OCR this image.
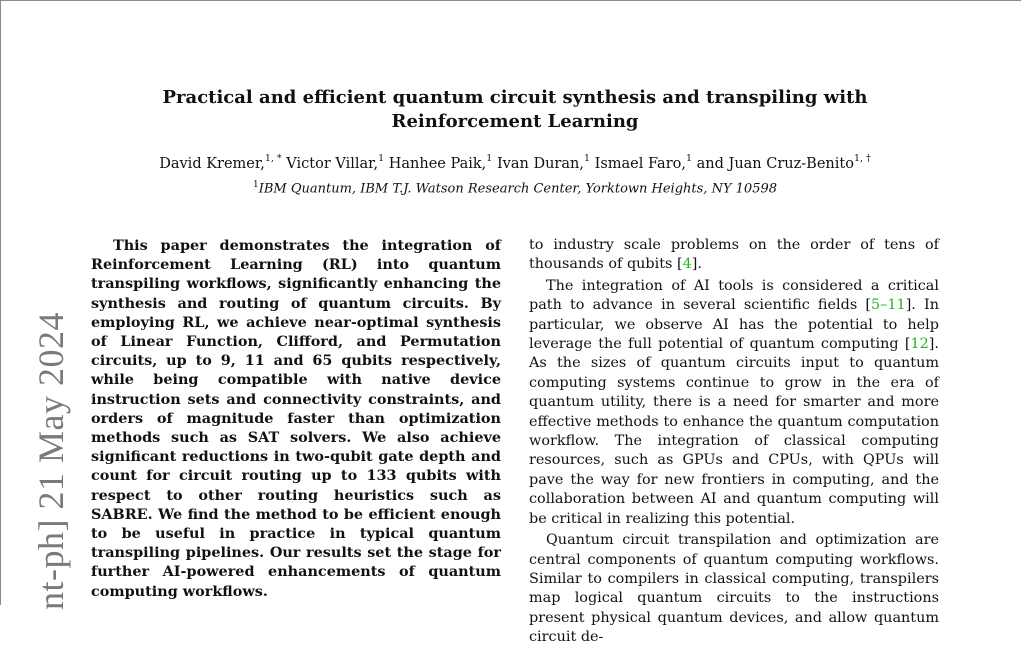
nt-ph] 21 May 2024
Practical and efficient quantum circuit synthesis and transpiling with Reinforcement Learning
David Kremer,$^{1, *}$ Victor Villar,$^1$ Hanhee Paik,$^1$ Ivan Duran,$^1$ Ismael Faro,$^1$ and Juan Cruz-Benito$^{1, \dagger}$
$^1$IBM Quantum, IBM T.J. Watson Research Center, Yorktown Heights, NY 10598

This paper demonstrates the integration of Reinforcement Learning (RL) into quantum transpiling workflows, significantly enhancing the synthesis and routing of quantum circuits. By employing RL, we achieve near-optimal synthesis of Linear Function, Clifford, and Permutation circuits, up to 9, 11 and 65 qubits respectively, while being compatible with native device instruction sets and connectivity constraints, and orders of magnitude faster than optimization methods such as SAT solvers. We also achieve significant reductions in two-qubit gate depth and count for circuit routing up to 133 qubits with respect to other routing heuristics such as SABRE. We find the method to be efficient enough to be useful in practice in typical quantum transpiling pipelines. Our results set the stage for further AI-powered enhancements of quantum computing workflows.

to industry scale problems on the order of tens of thousands of qubits [4].

The integration of AI tools is considered a critical path to advance in several scientific fields [5–11]. In particular, we observe AI has the potential to help leverage the full potential of quantum computing [12]. As the sizes of quantum circuits input to quantum computing systems continue to grow in the era of quantum utility, there is a need for smarter and more effective methods to enhance the quantum computation workflow. The integration of classical computing resources, such as GPUs and CPUs, with QPUs will pave the way for new frontiers in computing, and the collaboration between AI and quantum computing will be critical in realizing this potential.

Quantum circuit transpilation and optimization are central components of quantum computing workflows. Similar to compilers in classical computing, transpilers map logical quantum circuits to the instructions present physical quantum devices, and allow quantum circuit de-
